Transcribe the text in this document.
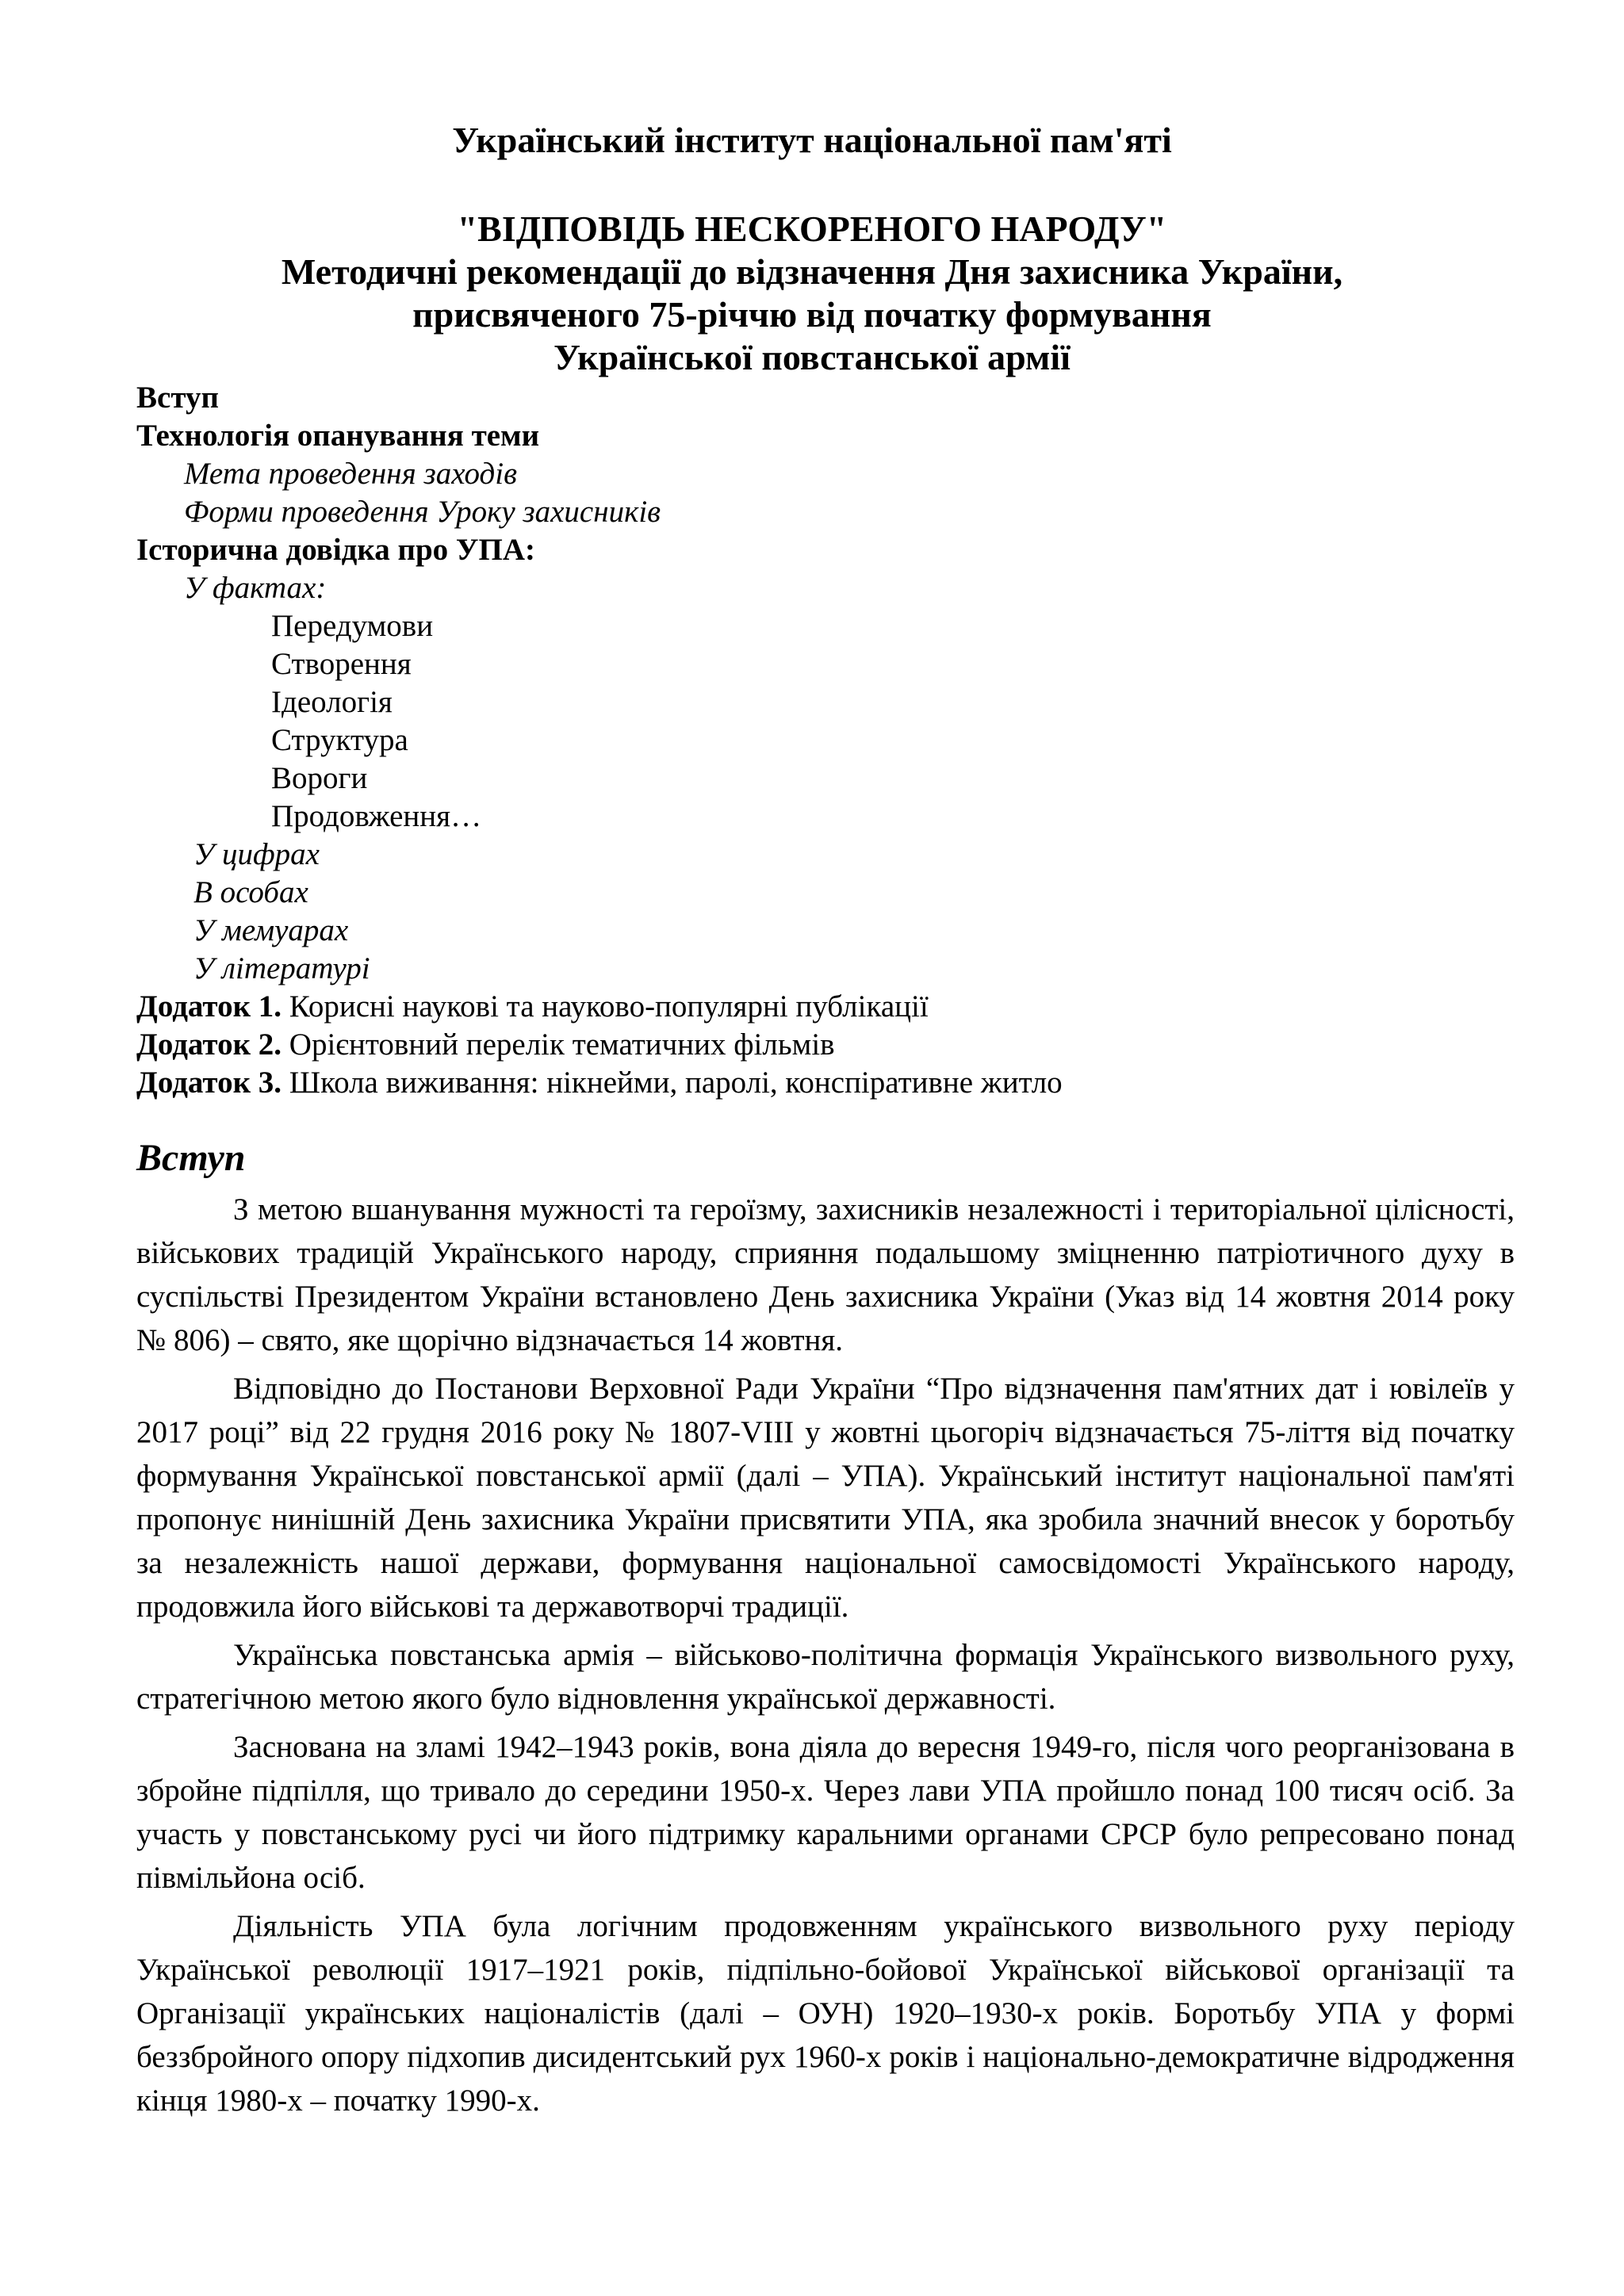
Український інститут національної пам'яті
"ВІДПОВІДЬ НЕСКОРЕНОГО НАРОДУ"
Методичні рекомендації до відзначення Дня захисника України,
присвяченого 75-річчю від початку формування
Української повстанської армії
Вступ
Технологія опанування теми
Мета проведення заходів
Форми проведення Уроку захисників
Історична довідка про УПА:
У фактах:
Передумови
Створення
Ідеологія
Структура
Вороги
Продовження…
У цифрах
В особах
У мемуарах
У літературі
Додаток 1. Корисні наукові та науково-популярні публікації
Додаток 2. Орієнтовний перелік тематичних фільмів
Додаток 3. Школа виживання: нікнейми, паролі, конспіративне житло
Вступ

З метою вшанування мужності та героїзму, захисників незалежності і територіальної цілісності, військових традицій Українського народу, сприяння подальшому зміцненню патріотичного духу в суспільстві Президентом України встановлено День захисника України (Указ від 14 жовтня 2014 року № 806) – свято, яке щорічно відзначається 14 жовтня.

Відповідно до Постанови Верховної Ради України “Про відзначення пам'ятних дат і ювілеїв у 2017 році” від 22 грудня 2016 року № 1807-VIII у жовтні цьогоріч відзначається 75-ліття від початку формування Української повстанської армії (далі – УПА). Український інститут національної пам'яті пропонує нинішній День захисника України присвятити УПА, яка зробила значний внесок у боротьбу за незалежність нашої держави, формування національної самосвідомості Українського народу, продовжила його військові та державотворчі традиції.

Українська повстанська армія – військово-політична формація Українського визвольного руху, стратегічною метою якого було відновлення української державності.

Заснована на зламі 1942–1943 років, вона діяла до вересня 1949-го, після чого реорганізована в збройне підпілля, що тривало до середини 1950-х. Через лави УПА пройшло понад 100 тисяч осіб. За участь у повстанському русі чи його підтримку каральними органами СРСР було репресовано понад півмільйона осіб.

Діяльність УПА була логічним продовженням українського визвольного руху періоду Української революції 1917–1921 років, підпільно-бойової Української військової організації та Організації українських націоналістів (далі – ОУН) 1920–1930-х років. Боротьбу УПА у формі беззбройного опору підхопив дисидентський рух 1960-х років і національно-демократичне відродження кінця 1980-х – початку 1990-х.
